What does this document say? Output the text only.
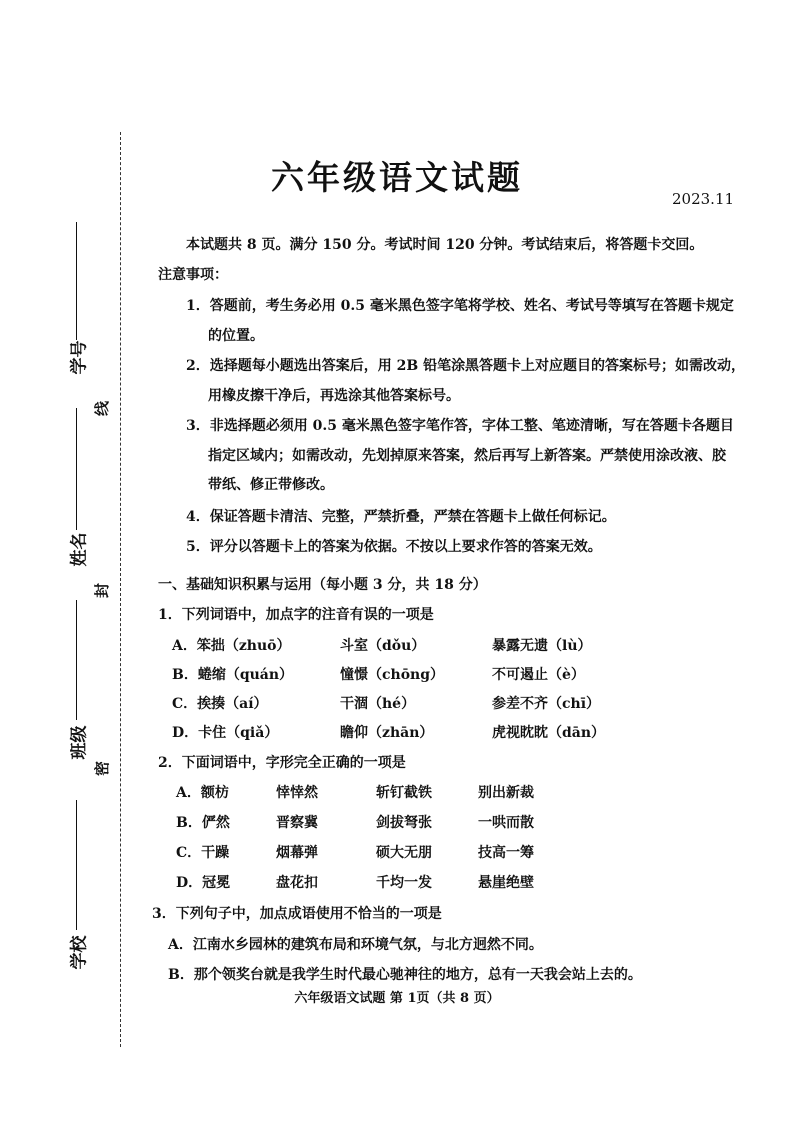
学号
姓名
班级
学校
线
封
密
六年级语文试题
2023.11
本试题共 8 页。满分 150 分。考试时间 120 分钟。考试结束后，将答题卡交回。
注意事项：
1．答题前，考生务必用 0.5 毫米黑色签字笔将学校、姓名、考试号等填写在答题卡规定
的位置。
2．选择题每小题选出答案后，用 2B 铅笔涂黑答题卡上对应题目的答案标号；如需改动，
用橡皮擦干净后，再选涂其他答案标号。
3．非选择题必须用 0.5 毫米黑色签字笔作答，字体工整、笔迹清晰，写在答题卡各题目
指定区域内；如需改动，先划掉原来答案，然后再写上新答案。严禁使用涂改液、胶
带纸、修正带修改。
4．保证答题卡清洁、完整，严禁折叠，严禁在答题卡上做任何标记。
5．评分以答题卡上的答案为依据。不按以上要求作答的答案无效。
一、基础知识积累与运用（每小题 3 分，共 18 分）
1．下列词语中，加点字的注音有误的一项是
A．笨拙（zhuō）	斗室（dǒu）	暴露无遗（lù）
B．蜷缩（quán）	憧憬（chōng）	不可遏止（è）
C．挨揍（aí）	干涸（hé）	参差不齐（chī）
D．卡住（qiǎ）	瞻仰（zhān）	虎视眈眈（dān）
2．下面词语中，字形完全正确的一项是
A．额枋	悻悻然	斩钉截铁	别出新裁
B．俨然	晋察冀	剑拔弩张	一哄而散
C．干躁	烟幕弹	硕大无朋	技高一筹
D．冠冕	盘花扣	千均一发	悬崖绝壁
3．下列句子中，加点成语使用不恰当的一项是
A．江南水乡园林的建筑布局和环境气氛，与北方迥然不同。
B．那个领奖台就是我学生时代最心驰神往的地方，总有一天我会站上去的。
六年级语文试题 第 1页（共 8 页）
